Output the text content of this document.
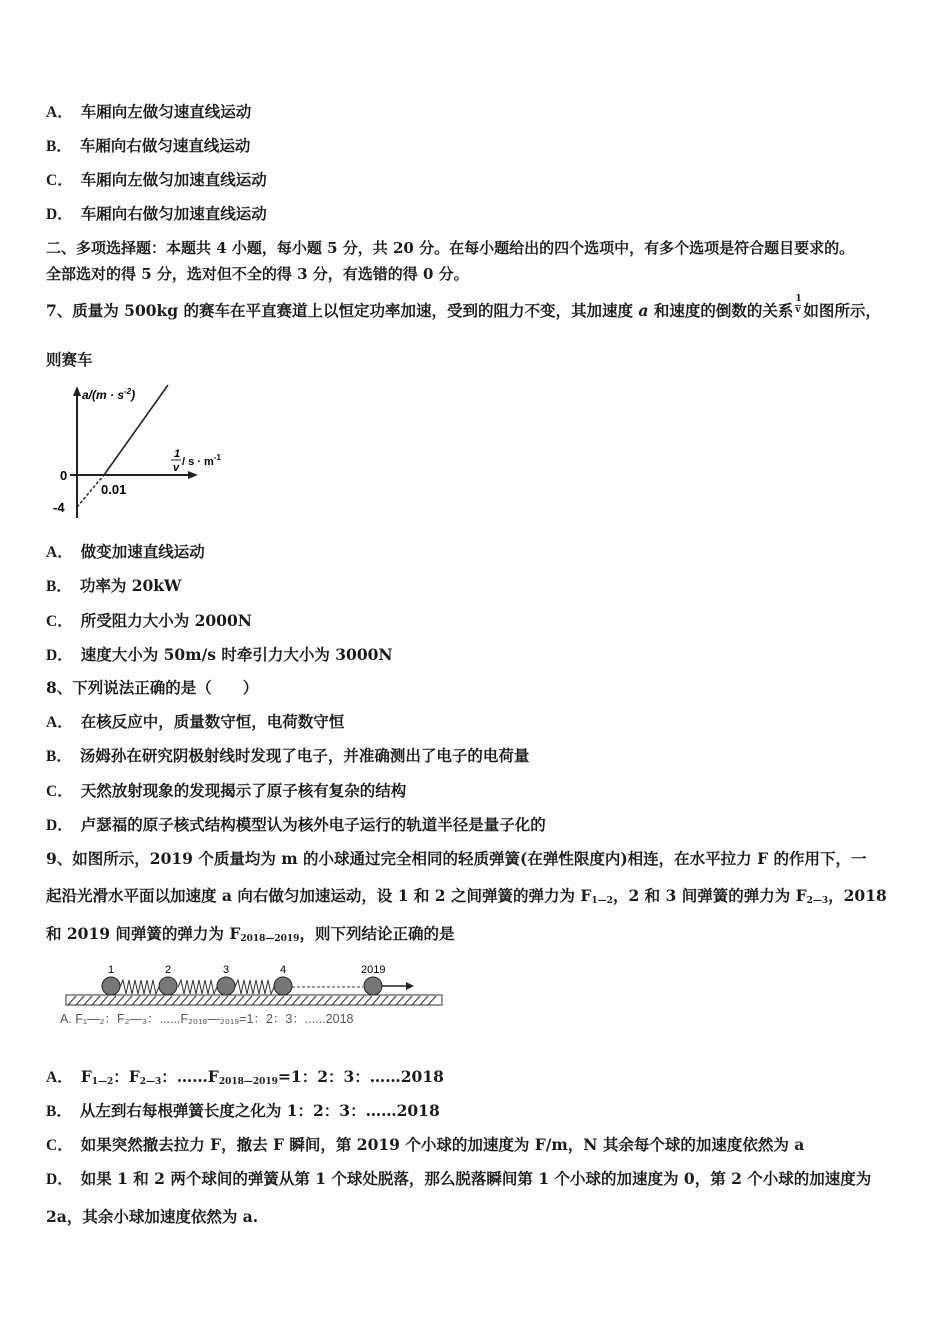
A． 车厢向左做匀速直线运动
B． 车厢向右做匀速直线运动
C． 车厢向左做匀加速直线运动
D． 车厢向右做匀加速直线运动
二、多项选择题：本题共 4 小题，每小题 5 分，共 20 分。在每小题给出的四个选项中，有多个选项是符合题目要求的。
全部选对的得 5 分，选对但不全的得 3 分，有选错的得 0 分。
7、质量为 500kg 的赛车在平直赛道上以恒定功率加速，受到的阻力不变，其加速度 a 和速度的倒数的关系 $\frac{1}{v}$ 如图所示，
则赛车
$a/(m \cdot s^{-2})$
1
$v / s \cdot m^{-1}$
0
-4
0.01
A． 做变加速直线运动
B． 功率为 20kW
C． 所受阻力大小为 2000N
D． 速度大小为 50m/s 时牵引力大小为 3000N
8、下列说法正确的是（　　）
A． 在核反应中，质量数守恒，电荷数守恒
B． 汤姆孙在研究阴极射线时发现了电子，并准确测出了电子的电荷量
C． 天然放射现象的发现揭示了原子核有复杂的结构
D． 卢瑟福的原子核式结构模型认为核外电子运行的轨道半径是量子化的
9、如图所示，2019 个质量均为 m 的小球通过完全相同的轻质弹簧(在弹性限度内)相连，在水平拉力 F 的作用下，一
起沿光滑水平面以加速度 a 向右做匀加速运动，设 1 和 2 之间弹簧的弹力为 $F_{1—2}$，2 和 3 间弹簧的弹力为 $F_{2—3}$，2018
和 2019 间弹簧的弹力为 $F_{2018—2019}$，则下列结论正确的是
1	2	3	4	2019
A. F₁—₂：F₂—₃：......F₂₀₁₈—₂₀₁₉=1：2：3：......2018
A． $F_{1—2}$：$F_{2—3}$：$\dots\dots F_{2018—2019}=1$：2：3：……2018
B． 从左到右每根弹簧长度之化为 1：2：3：……2018
C． 如果突然撤去拉力 F，撤去 F 瞬间，第 2019 个小球的加速度为 F/m，N 其余每个球的加速度依然为 a
D． 如果 1 和 2 两个球间的弹簧从第 1 个球处脱落，那么脱落瞬间第 1 个小球的加速度为 0，第 2 个小球的加速度为
2a，其余小球加速度依然为 a.
